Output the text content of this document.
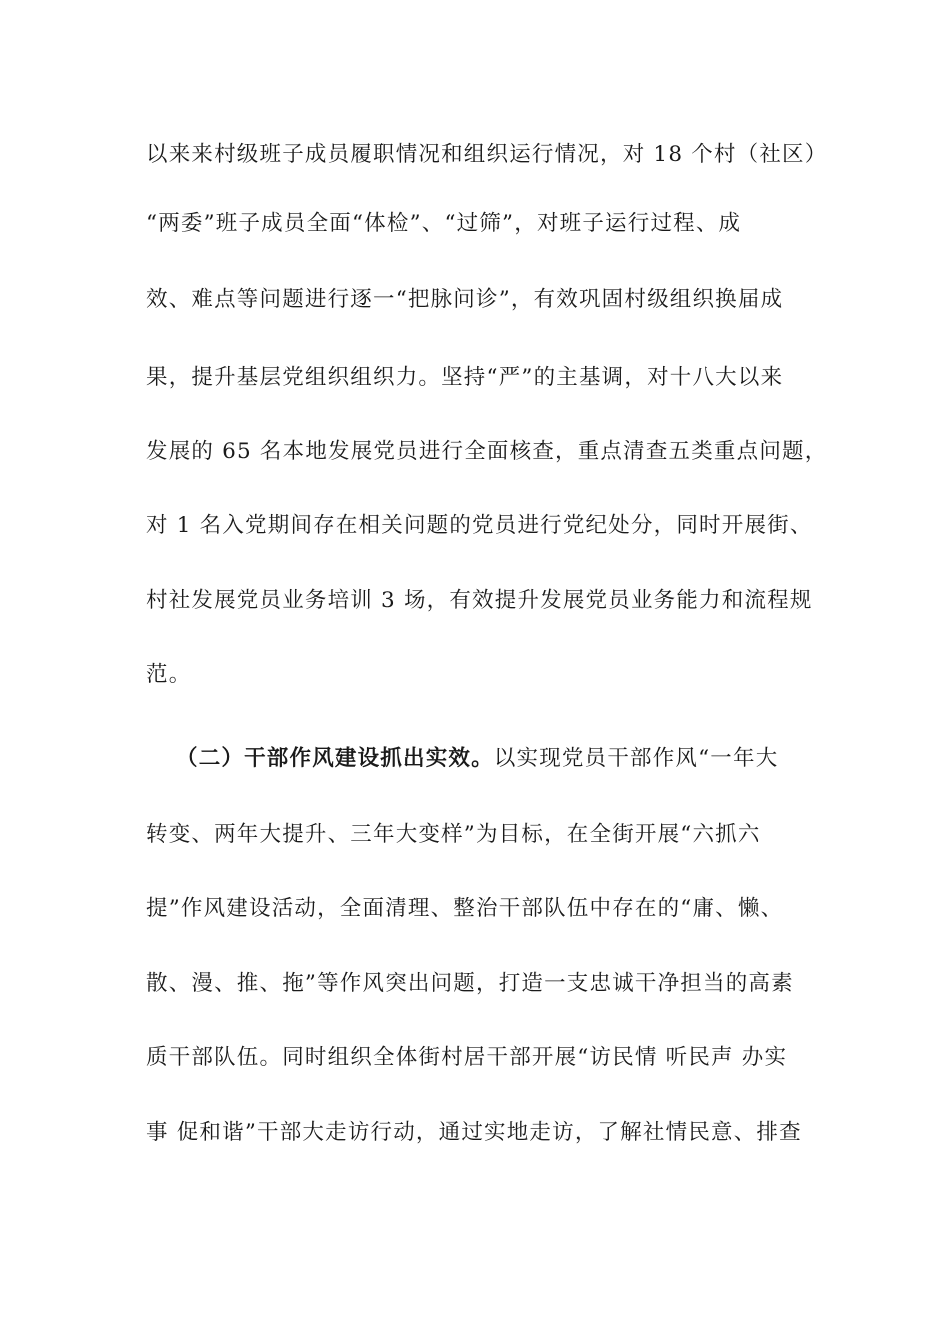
以来来村级班子成员履职情况和组织运行情况，对 18 个村（社区）
“两委”班子成员全面“体检”、“过筛”，对班子运行过程、成
效、难点等问题进行逐一“把脉问诊”，有效巩固村级组织换届成
果，提升基层党组织组织力。坚持“严”的主基调，对十八大以来
发展的 65 名本地发展党员进行全面核查，重点清查五类重点问题，
对 1 名入党期间存在相关问题的党员进行党纪处分，同时开展街、
村社发展党员业务培训 3 场，有效提升发展党员业务能力和流程规
范。
（二）干部作风建设抓出实效。以实现党员干部作风“一年大
转变、两年大提升、三年大变样”为目标，在全街开展“六抓六
提”作风建设活动，全面清理、整治干部队伍中存在的“庸、懒、
散、漫、推、拖”等作风突出问题，打造一支忠诚干净担当的高素
质干部队伍。同时组织全体街村居干部开展“访民情 听民声 办实
事 促和谐”干部大走访行动，通过实地走访，了解社情民意、排查
